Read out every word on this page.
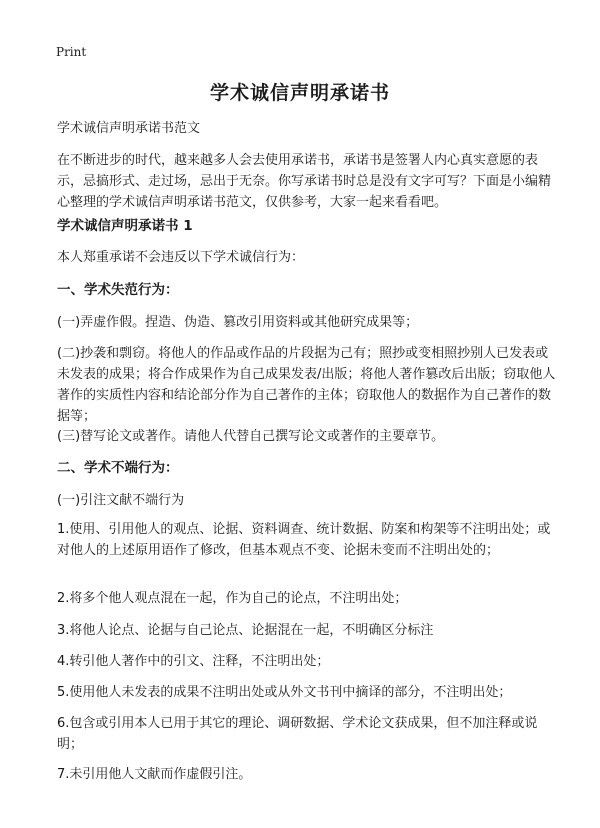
Print
学术诚信声明承诺书

学术诚信声明承诺书范文

在不断进步的时代，越来越多人会去使用承诺书，承诺书是签署人内心真实意愿的表示，忌搞形式、走过场，忌出于无奈。你写承诺书时总是没有文字可写？下面是小编精心整理的学术诚信声明承诺书范文，仅供参考，大家一起来看看吧。

学术诚信声明承诺书 1

本人郑重承诺不会违反以下学术诚信行为：

一、学术失范行为：

(一)弄虚作假。捏造、伪造、篡改引用资料或其他研究成果等；

(二)抄袭和剽窃。将他人的作品或作品的片段据为己有；照抄或变相照抄别人已发表或未发表的成果；将合作成果作为自己成果发表/出版；将他人著作篡改后出版；窃取他人著作的实质性内容和结论部分作为自己著作的主体；窃取他人的数据作为自己著作的数据等；

(三)替写论文或著作。请他人代替自己撰写论文或著作的主要章节。

二、学术不端行为：

(一)引注文献不端行为

1.使用、引用他人的观点、论据、资料调查、统计数据、防案和构架等不注明出处；或对他人的上述原用语作了修改，但基本观点不变、论据未变而不注明出处的；

2.将多个他人观点混在一起，作为自己的论点，不注明出处；

3.将他人论点、论据与自己论点、论据混在一起，不明确区分标注

4.转引他人著作中的引文、注释，不注明出处；

5.使用他人未发表的成果不注明出处或从外文书刊中摘译的部分，不注明出处；

6.包含或引用本人已用于其它的理论、调研数据、学术论文获成果，但不加注释或说明；

7.未引用他人文献而作虚假引注。
